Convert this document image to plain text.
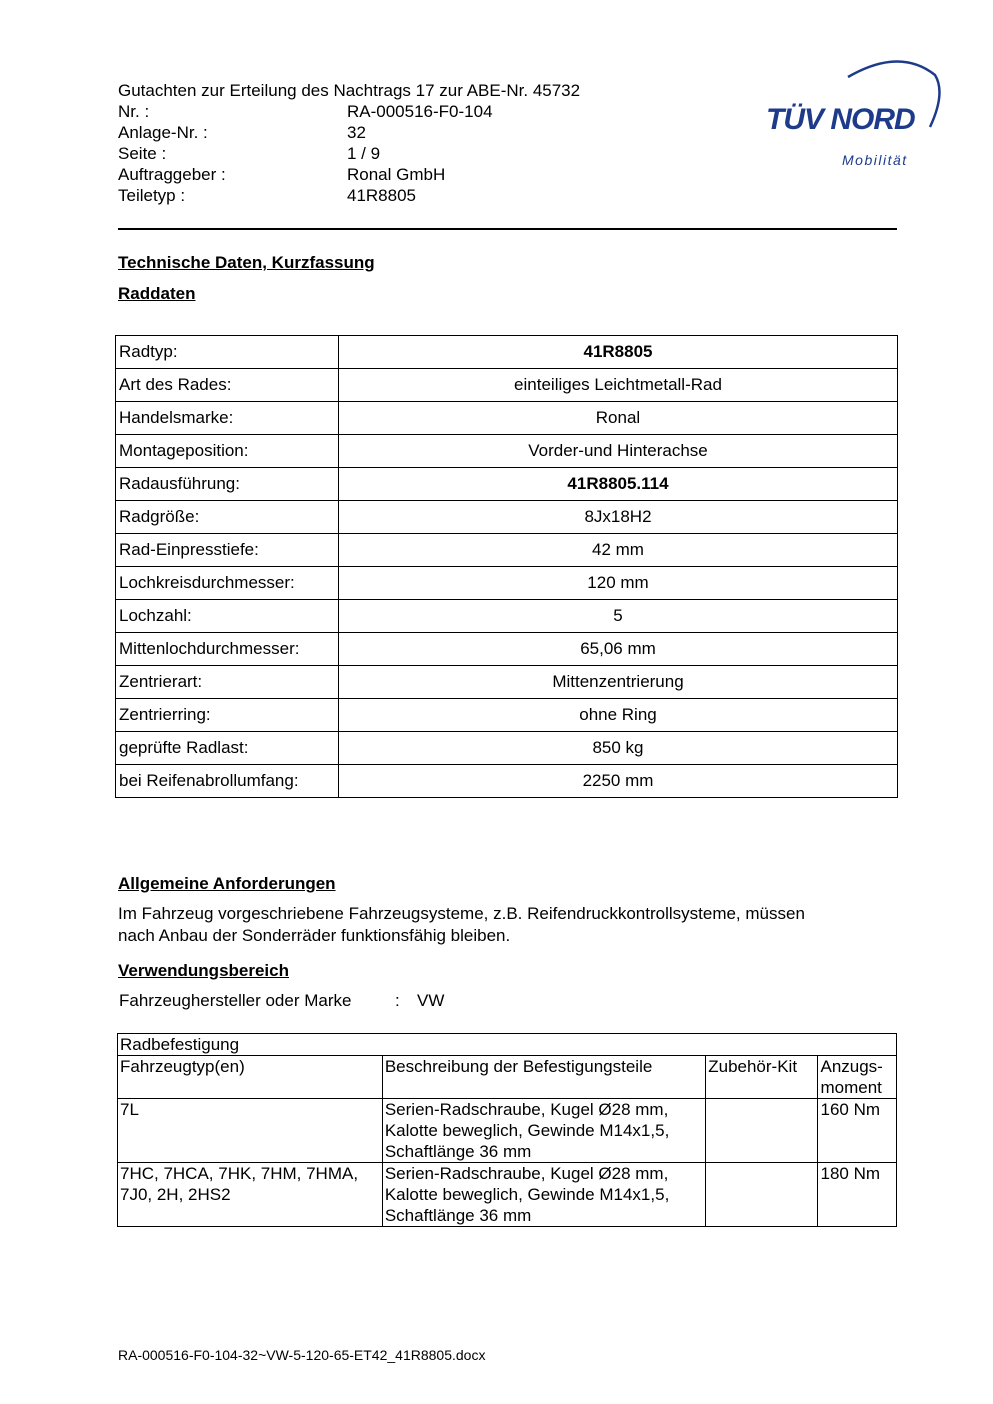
Gutachten zur Erteilung des Nachtrags 17 zur ABE-Nr. 45732
Nr. :	RA-000516-F0-104
Anlage-Nr. :	32
Seite :	1 / 9
Auftraggeber :	Ronal GmbH
Teiletyp :	41R8805
TÜV NORD
Mobilität
Technische Daten, Kurzfassung
Raddaten
Radtyp:	41R8805
Art des Rades:	einteiliges Leichtmetall-Rad
Handelsmarke:	Ronal
Montageposition:	Vorder-und Hinterachse
Radausführung:	41R8805.114
Radgröße:	8Jx18H2
Rad-Einpresstiefe:	42 mm
Lochkreisdurchmesser:	120 mm
Lochzahl:	5
Mittenlochdurchmesser:	65,06 mm
Zentrierart:	Mittenzentrierung
Zentrierring:	ohne Ring
geprüfte Radlast:	850 kg
bei Reifenabrollumfang:	2250 mm
Allgemeine Anforderungen
Im Fahrzeug vorgeschriebene Fahrzeugsysteme, z.B. Reifendruckkontrollsysteme, müssen
nach Anbau der Sonderräder funktionsfähig bleiben.
Verwendungsbereich
Fahrzeughersteller oder Marke	: VW
Radbefestigung			
Fahrzeugtyp(en)	Beschreibung der Befestigungsteile	Zubehör-Kit	Anzugs-
moment
7L	Serien-Radschraube, Kugel Ø28 mm,
Kalotte beweglich, Gewinde M14x1,5,
Schaftlänge 36 mm		160 Nm
7HC, 7HCA, 7HK, 7HM, 7HMA,
7J0, 2H, 2HS2	Serien-Radschraube, Kugel Ø28 mm,
Kalotte beweglich, Gewinde M14x1,5,
Schaftlänge 36 mm		180 Nm
RA-000516-F0-104-32~VW-5-120-65-ET42_41R8805.docx
